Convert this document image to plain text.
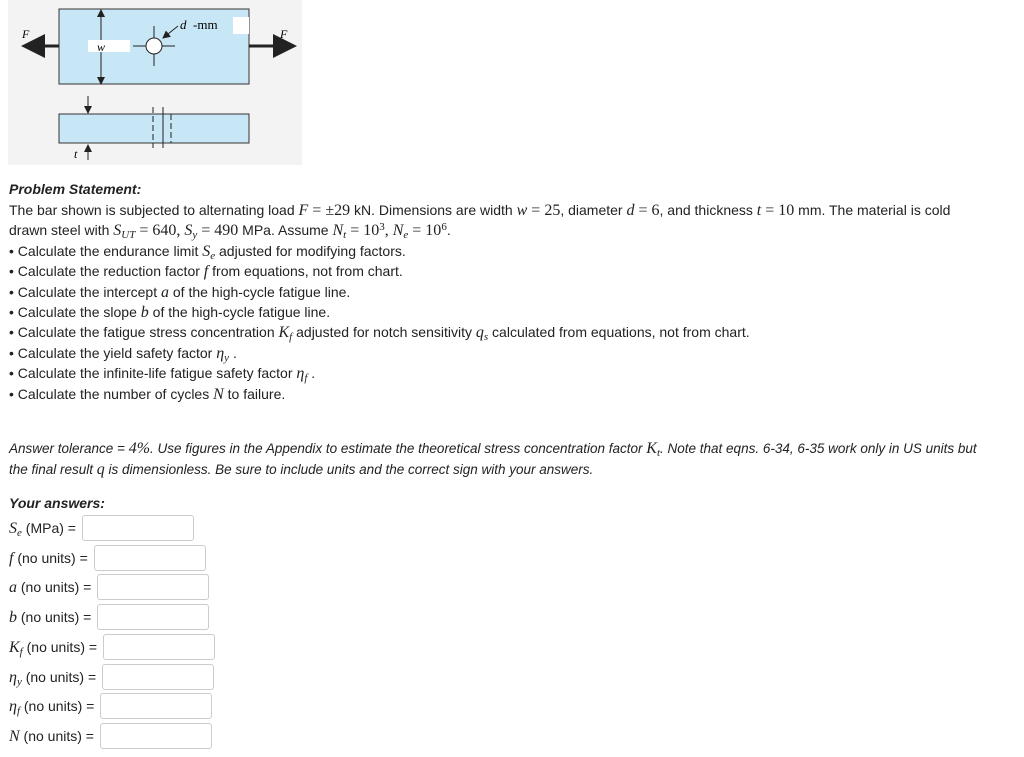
F	F
w
d -mm
t
Problem Statement:
The bar shown is subjected to alternating load F = ±29 kN. Dimensions are width w = 25, diameter d = 6, and thickness t = 10 mm. The material is cold
drawn steel with $S_{UT} = 640$, $S_y = 490$ MPa. Assume $N_t = 10^3$, $N_e = 10^6$.
• Calculate the endurance limit $S_e$ adjusted for modifying factors.
• Calculate the reduction factor f from equations, not from chart.
• Calculate the intercept a of the high-cycle fatigue line.
• Calculate the slope b of the high-cycle fatigue line.
• Calculate the fatigue stress concentration $K_f$ adjusted for notch sensitivity $q_s$ calculated from equations, not from chart.
• Calculate the yield safety factor $\eta_y$ .
• Calculate the infinite-life fatigue safety factor $\eta_f$ .
• Calculate the number of cycles N to failure.
Answer tolerance = 4%. Use figures in the Appendix to estimate the theoretical stress concentration factor $K_t$. Note that eqns. 6-34, 6-35 work only in US units but
the final result q is dimensionless. Be sure to include units and the correct sign with your answers.
Your answers:
$S_e$ (MPa) =
f (no units) =
a (no units) =
b (no units) =
$K_f$ (no units) =
$\eta_y$ (no units) =
$\eta_f$ (no units) =
N (no units) =
